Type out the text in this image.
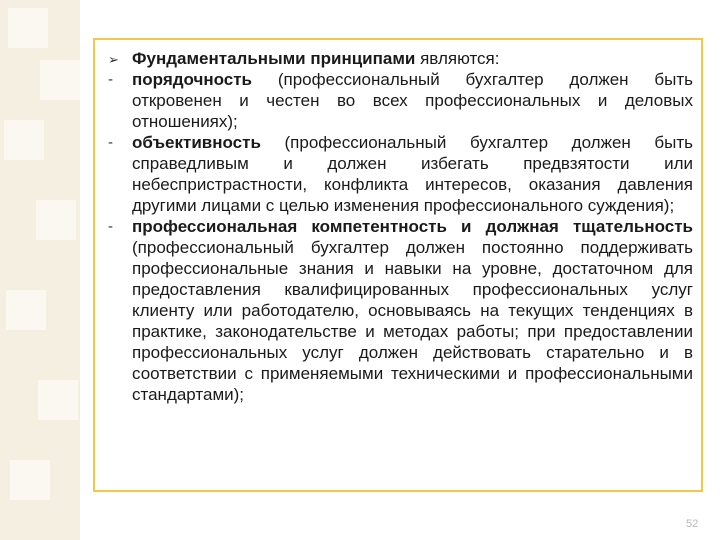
➢ Фундаментальными принципами являются:
-	порядочность (профессиональный бухгалтер должен быть откровенен и честен во всех профессиональных и деловых отношениях);
-	объективность (профессиональный бухгалтер должен быть справедливым и должен избегать предвзятости или небеспристрастности, конфликта интересов, оказания давления другими лицами с целью изменения профессионального суждения);
-	профессиональная компетентность и должная тщательность (профессиональный бухгалтер должен постоянно поддерживать профессиональные знания и навыки на уровне, достаточном для предоставления квалифицированных профессиональных услуг клиенту или работодателю, основываясь на текущих тенденциях в практике, законодательстве и методах работы; при предоставлении профессиональных услуг должен действовать старательно и в соответствии с применяемыми техническими и профессиональными стандартами);
52
